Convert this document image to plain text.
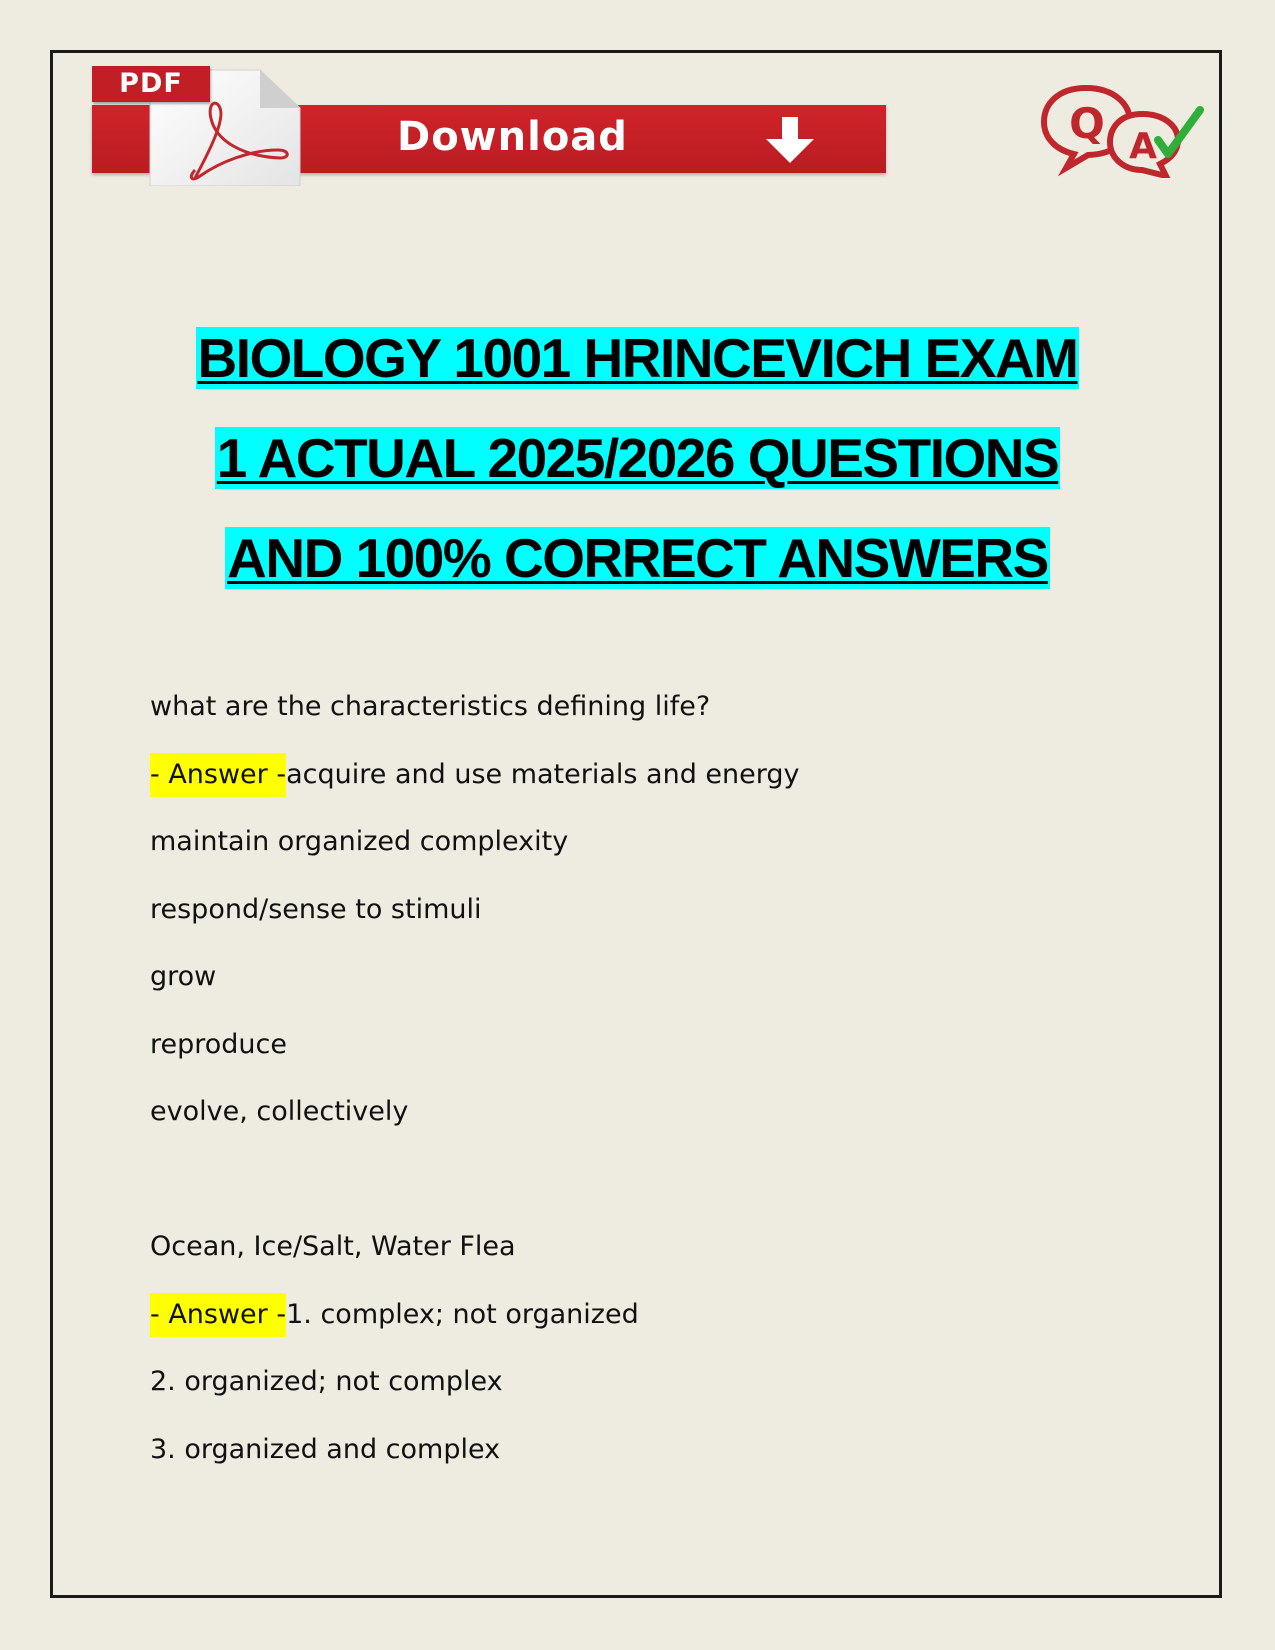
PDF
Download	Q A
BIOLOGY 1001 HRINCEVICH EXAM
1 ACTUAL 2025/2026 QUESTIONS
AND 100% CORRECT ANSWERS

what are the characteristics defining life?

- Answer -acquire and use materials and energy

maintain organized complexity

respond/sense to stimuli

grow

reproduce

evolve, collectively

Ocean, Ice/Salt, Water Flea

- Answer -1. complex; not organized

2. organized; not complex

3. organized and complex
